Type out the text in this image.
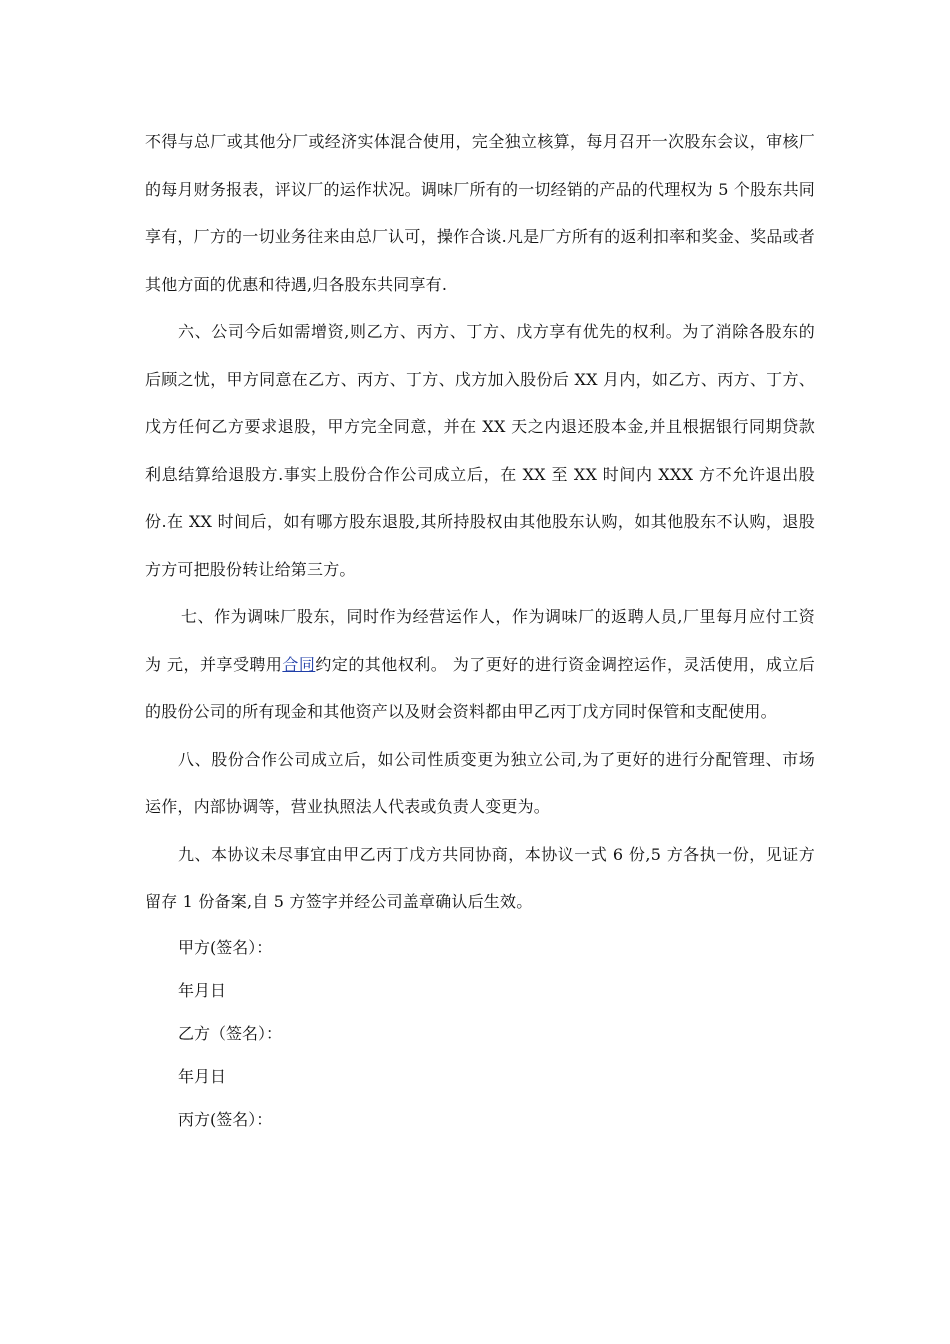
不得与总厂或其他分厂或经济实体混合使用，完全独立核算，每月召开一次股东会议，审核厂的每月财务报表，评议厂的运作状况。调味厂所有的一切经销的产品的代理权为 5 个股东共同享有，厂方的一切业务往来由总厂认可，操作合谈.凡是厂方所有的返利扣率和奖金、奖品或者其他方面的优惠和待遇,归各股东共同享有.

六、公司今后如需增资,则乙方、丙方、丁方、戊方享有优先的权利。为了消除各股东的后顾之忧，甲方同意在乙方、丙方、丁方、戊方加入股份后 XX 月内，如乙方、丙方、丁方、戊方任何乙方要求退股，甲方完全同意，并在 XX 天之内退还股本金,并且根据银行同期贷款利息结算给退股方.事实上股份合作公司成立后，在 XX 至 XX 时间内 XXX 方不允许退出股份.在 XX 时间后，如有哪方股东退股,其所持股权由其他股东认购，如其他股东不认购，退股方方可把股份转让给第三方。

七、作为调味厂股东，同时作为经营运作人，作为调味厂的返聘人员,厂里每月应付工资为 元，并享受聘用合同约定的其他权利。 为了更好的进行资金调控运作，灵活使用，成立后的股份公司的所有现金和其他资产以及财会资料都由甲乙丙丁戊方同时保管和支配使用。

八、股份合作公司成立后，如公司性质变更为独立公司,为了更好的进行分配管理、市场运作，内部协调等，营业执照法人代表或负责人变更为。

九、本协议未尽事宜由甲乙丙丁戊方共同协商，本协议一式 6 份,5 方各执一份，见证方留存 1 份备案,自 5 方签字并经公司盖章确认后生效。

甲方(签名）：

年月日

乙方（签名）：

年月日

丙方(签名）：
